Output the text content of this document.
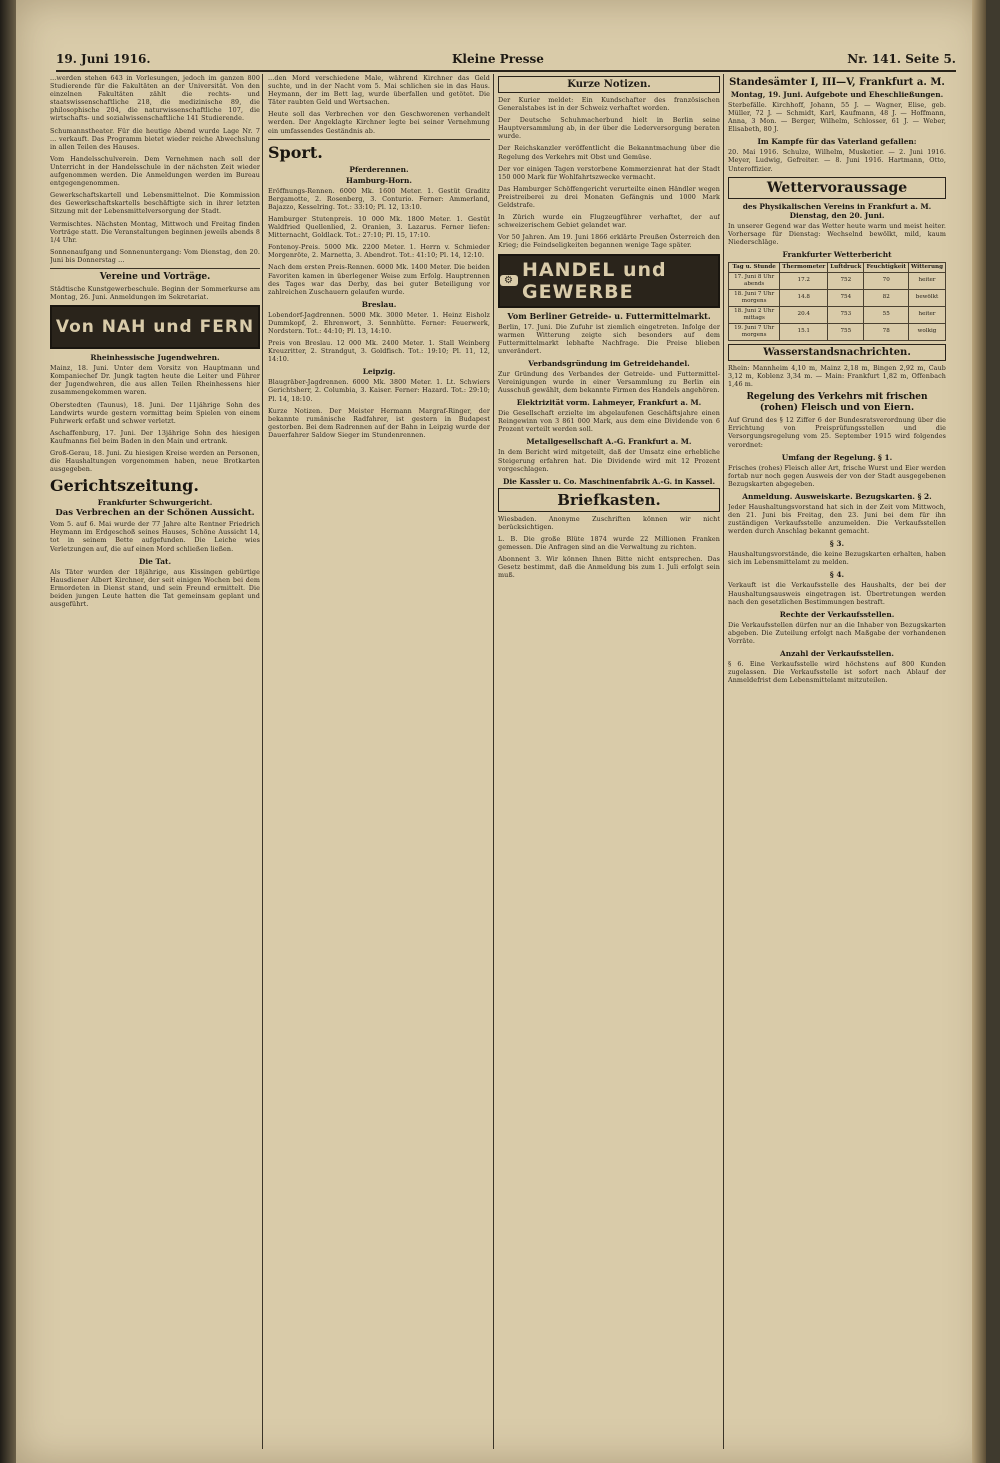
19. Juni 1916.	Kleine Presse	Nr. 141. Seite 5.

...werden stehen 643 in Vorlesungen, jedoch im ganzen 800 Studierende für die Fakultäten an der Universität. Von den einzelnen Fakultäten zählt die rechts- und staatswissenschaftliche 218, die medizinische 89, die philosophische 204, die naturwissenschaftliche 107, die wirtschafts- und sozialwissenschaftliche 141 Studierende.

Schumannstheater. Für die heutige Abend wurde Lage Nr. 7 ... verkauft. Das Programm bietet wieder reiche Abwechslung in allen Teilen des Hauses.

Vom Handelsschulverein. Dem Vernehmen nach soll der Unterricht in der Handelsschule in der nächsten Zeit wieder aufgenommen werden. Die Anmeldungen werden im Bureau entgegengenommen.

Gewerkschaftskartell und Lebensmittelnot. Die Kommission des Gewerkschaftskartells beschäftigte sich in ihrer letzten Sitzung mit der Lebensmittelversorgung der Stadt.

Vermischtes. Nächsten Montag, Mittwoch und Freitag finden Vorträge statt. Die Veranstaltungen beginnen jeweils abends 8 1/4 Uhr.

Sonnenaufgang und Sonnenuntergang: Vom Dienstag, den 20. Juni bis Donnerstag ...

Vereine und Vorträge.

Städtische Kunstgewerbeschule. Beginn der Sommerkurse am Montag, 26. Juni. Anmeldungen im Sekretariat.

Von NAH und FERN
Rheinhessische Jugendwehren.

Mainz, 18. Juni. Unter dem Vorsitz von Hauptmann und Kompaniechef Dr. Jungk tagten heute die Leiter und Führer der Jugendwehren, die aus allen Teilen Rheinhessens hier zusammengekommen waren.

Oberstedten (Taunus), 18. Juni. Der 11jährige Sohn des Landwirts wurde gestern vormittag beim Spielen von einem Fuhrwerk erfaßt und schwer verletzt.

Aschaffenburg, 17. Juni. Der 13jährige Sohn des hiesigen Kaufmanns fiel beim Baden in den Main und ertrank.

Groß-Gerau, 18. Juni. Zu hiesigen Kreise werden an Personen, die Haushaltungen vorgenommen haben, neue Brotkarten ausgegeben.

Gerichtszeitung.
Frankfurter Schwurgericht.
Das Verbrechen an der Schönen Aussicht.

Vom 5. auf 6. Mai wurde der 77 Jahre alte Rentner Friedrich Heymann im Erdgeschoß seines Hauses, Schöne Aussicht 14, tot in seinem Bette aufgefunden. Die Leiche wies Verletzungen auf, die auf einen Mord schließen ließen.

Die Tat.

Als Täter wurden der 18jährige, aus Kissingen gebürtige Hausdiener Albert Kirchner, der seit einigen Wochen bei dem Ermordeten in Dienst stand, und sein Freund ermittelt. Die beiden jungen Leute hatten die Tat gemeinsam geplant und ausgeführt.

...den Mord verschiedene Male, während Kirchner das Geld suchte, und in der Nacht vom 5. Mai schlichen sie in das Haus. Heymann, der im Bett lag, wurde überfallen und getötet. Die Täter raubten Geld und Wertsachen.

Heute soll das Verbrechen vor den Geschworenen verhandelt werden. Der Angeklagte Kirchner legte bei seiner Vernehmung ein umfassendes Geständnis ab.

Sport.
Pferderennen.
Hamburg-Horn.

Eröffnungs-Rennen. 6000 Mk. 1600 Meter. 1. Gestüt Graditz Bergamotte, 2. Rosenberg, 3. Conturio. Ferner: Ammerland, Bajazzo, Kesselring. Tot.: 33:10; Pl. 12, 13:10.

Hamburger Stutenpreis. 10 000 Mk. 1800 Meter. 1. Gestüt Waldfried Quellenlied, 2. Oranien, 3. Lazarus. Ferner liefen: Mitternacht, Goldlack. Tot.: 27:10; Pl. 15, 17:10.

Fontenoy-Preis. 5000 Mk. 2200 Meter. 1. Herrn v. Schmieder Morgenröte, 2. Marnetta, 3. Abendrot. Tot.: 41:10; Pl. 14, 12:10.

Nach dem ersten Preis-Rennen. 6000 Mk. 1400 Meter. Die beiden Favoriten kamen in überlegener Weise zum Erfolg. Hauptrennen des Tages war das Derby, das bei guter Beteiligung vor zahlreichen Zuschauern gelaufen wurde.

Breslau.

Lobendorf-Jagdrennen. 5000 Mk. 3000 Meter. 1. Heinz Eisholz Dummkopf, 2. Ehrenwort, 3. Sennhütte. Ferner: Feuerwerk, Nordstern. Tot.: 44:10; Pl. 13, 14:10.

Preis von Breslau. 12 000 Mk. 2400 Meter. 1. Stall Weinberg Kreuzritter, 2. Strandgut, 3. Goldfisch. Tot.: 19:10; Pl. 11, 12, 14:10.

Leipzig.

Blaugräber-Jagdrennen. 6000 Mk. 3800 Meter. 1. Lt. Schwiers Gerichtsherr, 2. Columbia, 3. Kaiser. Ferner: Hazard. Tot.: 29:10; Pl. 14, 18:10.

Kurze Notizen. Der Meister Hermann Margraf-Ringer, der bekannte rumänische Radfahrer, ist gestern in Budapest gestorben. Bei dem Radrennen auf der Bahn in Leipzig wurde der Dauerfahrer Saldow Sieger im Stundenrennen.

Kurze Notizen.

Der Kurier meldet: Ein Kundschafter des französischen Generalstabes ist in der Schweiz verhaftet worden.

Der Deutsche Schuhmacherbund hielt in Berlin seine Hauptversammlung ab, in der über die Lederversorgung beraten wurde.

Der Reichskanzler veröffentlicht die Bekanntmachung über die Regelung des Verkehrs mit Obst und Gemüse.

Der vor einigen Tagen verstorbene Kommerzienrat hat der Stadt 150 000 Mark für Wohlfahrtszwecke vermacht.

Das Hamburger Schöffengericht verurteilte einen Händler wegen Preistreiberei zu drei Monaten Gefängnis und 1000 Mark Geldstrafe.

In Zürich wurde ein Flugzeugführer verhaftet, der auf schweizerischem Gebiet gelandet war.

Vor 50 Jahren. Am 19. Juni 1866 erklärte Preußen Österreich den Krieg; die Feindseligkeiten begannen wenige Tage später.

⚙ HANDEL und GEWERBE
Vom Berliner Getreide- u. Futtermittelmarkt.

Berlin, 17. Juni. Die Zufuhr ist ziemlich eingetreten. Infolge der warmen Witterung zeigte sich besonders auf dem Futtermittelmarkt lebhafte Nachfrage. Die Preise blieben unverändert.

Verbandsgründung im Getreidehandel.

Zur Gründung des Verbandes der Getreide- und Futtermittel-Vereinigungen wurde in einer Versammlung zu Berlin ein Ausschuß gewählt, dem bekannte Firmen des Handels angehören.

Elektrizität vorm. Lahmeyer, Frankfurt a. M.

Die Gesellschaft erzielte im abgelaufenen Geschäftsjahre einen Reingewinn von 3 861 000 Mark, aus dem eine Dividende von 6 Prozent verteilt werden soll.

Metallgesellschaft A.-G. Frankfurt a. M.

In dem Bericht wird mitgeteilt, daß der Umsatz eine erhebliche Steigerung erfahren hat. Die Dividende wird mit 12 Prozent vorgeschlagen.

Die Kassler u. Co. Maschinenfabrik A.-G. in Kassel.
Briefkasten.

Wiesbaden. Anonyme Zuschriften können wir nicht berücksichtigen.

L. B. Die große Blüte 1874 wurde 22 Millionen Franken gemessen. Die Anfragen sind an die Verwaltung zu richten.

Abonnent 3. Wir können Ihnen Bitte nicht entsprechen. Das Gesetz bestimmt, daß die Anmeldung bis zum 1. Juli erfolgt sein muß.

Standesämter I, III—V, Frankfurt a. M.
Montag, 19. Juni. Aufgebote und Eheschließungen.

Sterbefälle. Kirchhoff, Johann, 55 J. — Wagner, Elise, geb. Müller, 72 J. — Schmidt, Karl, Kaufmann, 48 J. — Hoffmann, Anna, 3 Mon. — Berger, Wilhelm, Schlosser, 61 J. — Weber, Elisabeth, 80 J.

Im Kampfe für das Vaterland gefallen:

20. Mai 1916. Schulze, Wilhelm, Musketier. — 2. Juni 1916. Meyer, Ludwig, Gefreiter. — 8. Juni 1916. Hartmann, Otto, Unteroffizier.

Wettervoraussage
des Physikalischen Vereins in Frankfurt a. M. Dienstag, den 20. Juni.

In unserer Gegend war das Wetter heute warm und meist heiter. Vorhersage für Dienstag: Wechselnd bewölkt, mild, kaum Niederschläge.

Frankfurter Wetterbericht
Tag u. Stunde	Thermometer	Luftdruck	Feuchtigkeit	Witterung
17. Juni 8 Uhr abends	17.2	752	70	heiter
18. Juni 7 Uhr morgens	14.8	754	82	bewölkt
18. Juni 2 Uhr mittags	20.4	753	55	heiter
19. Juni 7 Uhr morgens	15.1	755	78	wolkig
Wasserstandsnachrichten.

Rhein: Mannheim 4,10 m, Mainz 2,18 m, Bingen 2,92 m, Caub 3,12 m, Koblenz 3,34 m. — Main: Frankfurt 1,82 m, Offenbach 1,46 m.

Regelung des Verkehrs mit frischen (rohen) Fleisch und von Eiern.

Auf Grund des § 12 Ziffer 6 der Bundesratsverordnung über die Errichtung von Preisprüfungsstellen und die Versorgungsregelung vom 25. September 1915 wird folgendes verordnet:

Umfang der Regelung. § 1.

Frisches (rohes) Fleisch aller Art, frische Wurst und Eier werden fortab nur noch gegen Ausweis der von der Stadt ausgegebenen Bezugskarten abgegeben.

Anmeldung. Ausweiskarte. Bezugskarten. § 2.

Jeder Haushaltungsvorstand hat sich in der Zeit vom Mittwoch, den 21. Juni bis Freitag, den 23. Juni bei dem für ihn zuständigen Verkaufsstelle anzumelden. Die Verkaufsstellen werden durch Anschlag bekannt gemacht.

§ 3.

Haushaltungsvorstände, die keine Bezugskarten erhalten, haben sich im Lebensmittelamt zu melden.

§ 4.

Verkauft ist die Verkaufsstelle des Haushalts, der bei der Haushaltungsausweis eingetragen ist. Übertretungen werden nach den gesetzlichen Bestimmungen bestraft.

Rechte der Verkaufsstellen.

Die Verkaufsstellen dürfen nur an die Inhaber von Bezugskarten abgeben. Die Zuteilung erfolgt nach Maßgabe der vorhandenen Vorräte.

Anzahl der Verkaufsstellen.

§ 6. Eine Verkaufsstelle wird höchstens auf 800 Kunden zugelassen. Die Verkaufsstelle ist sofort nach Ablauf der Anmeldefrist dem Lebensmittelamt mitzuteilen.
